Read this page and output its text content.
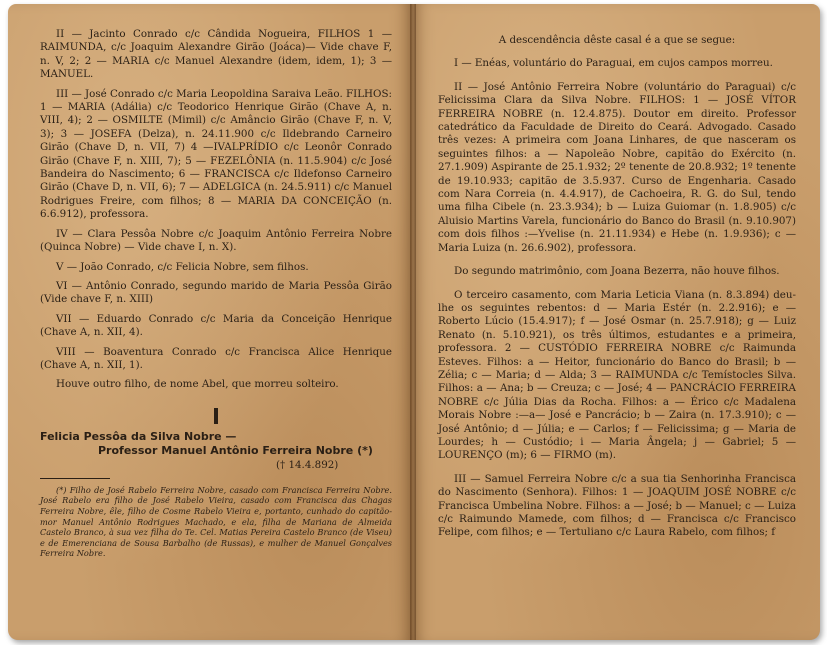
II — Jacinto Conrado c/c Cândida Nogueira, FILHOS 1 — RAIMUNDA, c/c Joaquim Alexandre Girão (Joáca)— Vide chave F, n. V, 2; 2 — MARIA c/c Manuel Alexandre (idem, idem, 1); 3 — MANUEL.

III — José Conrado c/c Maria Leopoldina Saraiva Leão. FILHOS: 1 — MARIA (Adália) c/c Teodorico Henrique Girão (Chave A, n. VIII, 4); 2 — OSMILTE (Mimil) c/c Amâncio Girão (Chave F, n. V, 3); 3 — JOSEFA (Delza), n. 24.11.900 c/c Ildebrando Carneiro Girão (Chave D, n. VII, 7) 4 —IVALPRÍDIO c/c Leonôr Conrado Girão (Chave F, n. XIII, 7); 5 — FEZELÔNIA (n. 11.5.904) c/c José Bandeira do Nascimento; 6 — FRANCISCA c/c Ildefonso Carneiro Girão (Chave D, n. VII, 6); 7 — ADELGICA (n. 24.5.911) c/c Manuel Rodrigues Freire, com filhos; 8 — MARIA DA CONCEIÇÃO (n. 6.6.912), professora.

IV — Clara Pessôa Nobre c/c Joaquim Antônio Ferreira Nobre (Quinca Nobre) — Vide chave I, n. X).

V — João Conrado, c/c Felicia Nobre, sem filhos.

VI — Antônio Conrado, segundo marido de Maria Pessôa Girão (Vide chave F, n. XIII)

VII — Eduardo Conrado c/c Maria da Conceição Henrique (Chave A, n. XII, 4).

VIII — Boaventura Conrado c/c Francisca Alice Henrique (Chave A, n. XII, 1).

Houve outro filho, de nome Abel, que morreu solteiro.

Felicia Pessôa da Silva Nobre —
Professor Manuel Antônio Ferreira Nobre (*)
(† 14.4.892)

(*) Filho de José Rabelo Ferreira Nobre, casado com Francisca Ferreira Nobre. José Rabelo era filho de José Rabelo Vieira, casado com Francisca das Chagas Ferreira Nobre, êle, filho de Cosme Rabelo Vieira e, portanto, cunhado do capitão-mor Manuel Antônio Rodrigues Machado, e ela, filha de Mariana de Almeida Castelo Branco, à sua vez filha do Te. Cel. Matias Pereira Castelo Branco (de Viseu) e de Emerenciana de Sousa Barbalho (de Russas), e mulher de Manuel Gonçalves Ferreira Nobre.

A descendência dêste casal é a que se segue:

I — Enéas, voluntário do Paraguai, em cujos campos morreu.

II — José Antônio Ferreira Nobre (voluntário do Paraguai) c/c Felicissima Clara da Silva Nobre. FILHOS: 1 — JOSÉ VÍTOR FERREIRA NOBRE (n. 12.4.875). Doutor em direito. Professor catedrático da Faculdade de Direito do Ceará. Advogado. Casado três vezes: A primeira com Joana Linhares, de que nasceram os seguintes filhos: a — Napoleão Nobre, capitão do Exército (n. 27.1.909) Aspirante de 25.1.932; 2º tenente de 20.8.932; 1º tenente de 19.10.933; capitão de 3.5.937. Curso de Engenharia. Casado com Nara Correia (n. 4.4.917), de Cachoeira, R. G. do Sul, tendo uma filha Cibele (n. 23.3.934); b — Luiza Guiomar (n. 1.8.905) c/c Aluisio Martins Varela, funcionário do Banco do Brasil (n. 9.10.907) com dois filhos :—Yvelise (n. 21.11.934) e Hebe (n. 1.9.936); c — Maria Luiza (n. 26.6.902), professora.

Do segundo matrimônio, com Joana Bezerra, não houve filhos.

O terceiro casamento, com Maria Leticia Viana (n. 8.3.894) deu-lhe os seguintes rebentos: d — Maria Estér (n. 2.2.916); e — Roberto Lúcio (15.4.917); f — José Osmar (n. 25.7.918); g — Luiz Renato (n. 5.10.921), os três últimos, estudantes e a primeira, professora. 2 — CUSTÓDIO FERREIRA NOBRE c/c Raimunda Esteves. Filhos: a — Heitor, funcionário do Banco do Brasil; b — Zélia; c — Maria; d — Alda; 3 — RAIMUNDA c/c Temístocles Silva. Filhos: a — Ana; b — Creuza; c — José; 4 — PANCRÁCIO FERREIRA NOBRE c/c Júlia Dias da Rocha. Filhos: a — Érico c/c Madalena Morais Nobre :—a— José e Pancrácio; b — Zaira (n. 17.3.910); c — José Antônio; d — Júlia; e — Carlos; f — Felicissima; g — Maria de Lourdes; h — Custódio; i — Maria Ângela; j — Gabriel; 5 — LOURENÇO (m); 6 — FIRMO (m).

III — Samuel Ferreira Nobre c/c a sua tia Senhorinha Francisca do Nascimento (Senhora). Filhos: 1 — JOAQUIM JOSÉ NOBRE c/c Francisca Umbelina Nobre. Filhos: a — José; b — Manuel; c — Luiza c/c Raimundo Mamede, com filhos; d — Francisca c/c Francisco Felipe, com filhos; e — Tertuliano c/c Laura Rabelo, com filhos; f
